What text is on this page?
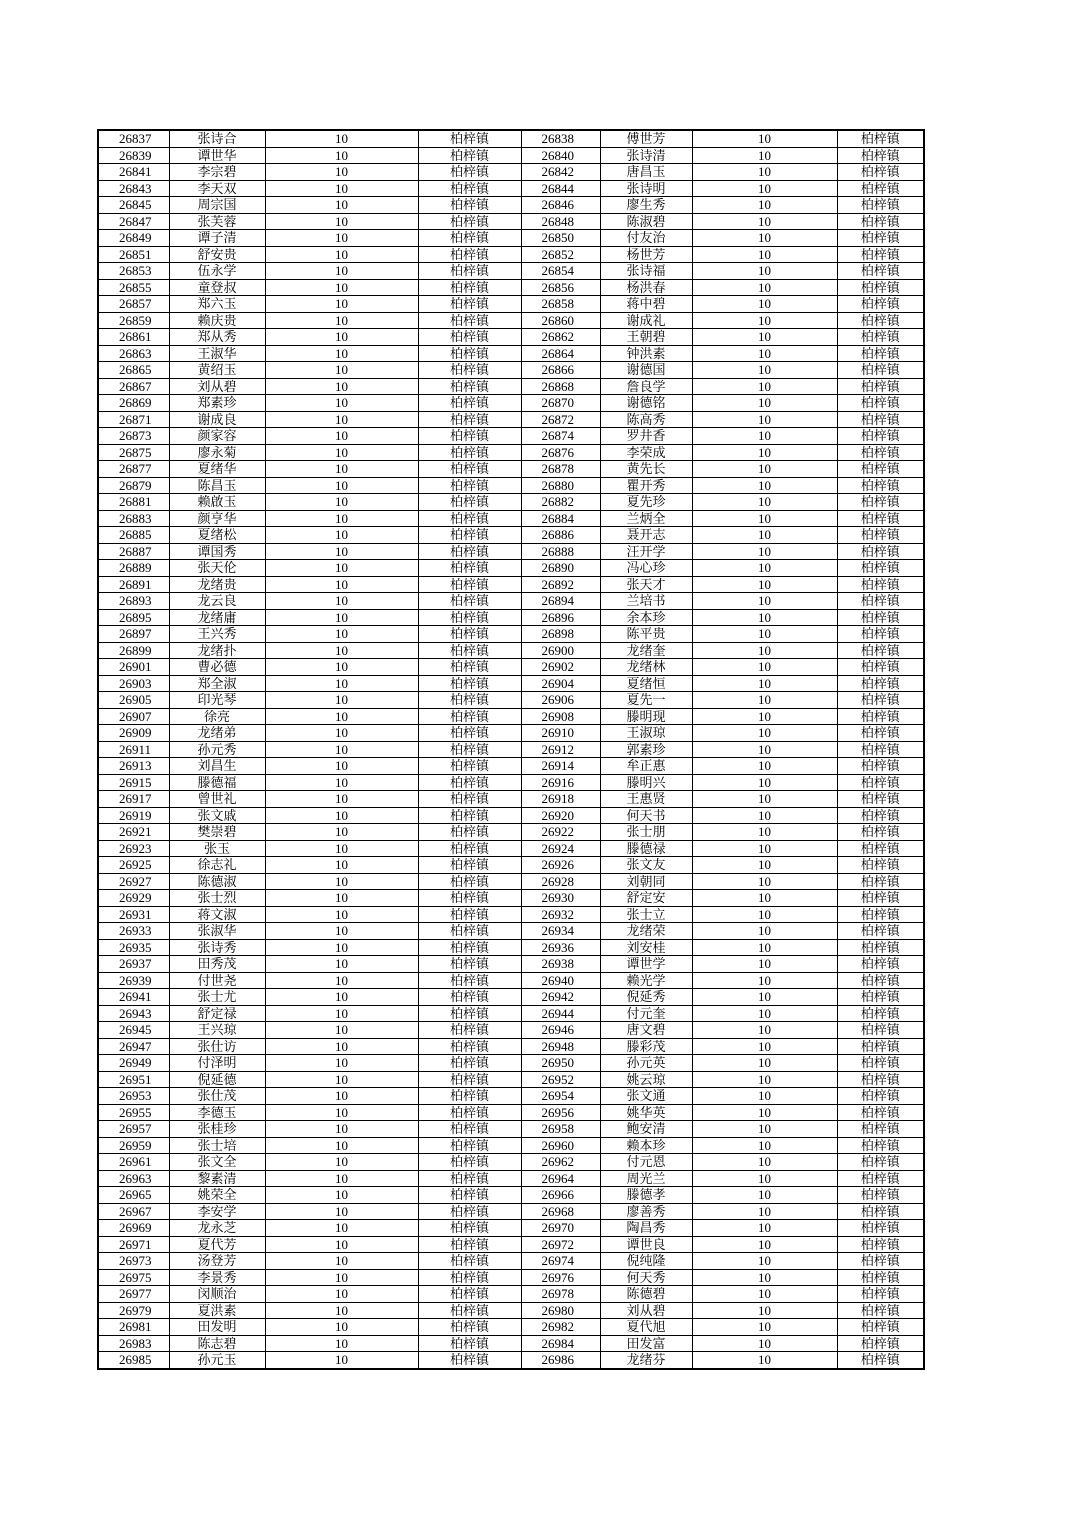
26837	张诗合	10	柏梓镇	26838	傅世芳	10	柏梓镇
26839	谭世华	10	柏梓镇	26840	张诗清	10	柏梓镇
26841	李宗碧	10	柏梓镇	26842	唐昌玉	10	柏梓镇
26843	李天双	10	柏梓镇	26844	张诗明	10	柏梓镇
26845	周宗国	10	柏梓镇	26846	廖生秀	10	柏梓镇
26847	张芙蓉	10	柏梓镇	26848	陈淑碧	10	柏梓镇
26849	谭子清	10	柏梓镇	26850	付友治	10	柏梓镇
26851	舒安贵	10	柏梓镇	26852	杨世芳	10	柏梓镇
26853	伍永学	10	柏梓镇	26854	张诗福	10	柏梓镇
26855	童登叔	10	柏梓镇	26856	杨洪春	10	柏梓镇
26857	郑六玉	10	柏梓镇	26858	蒋中碧	10	柏梓镇
26859	赖庆贵	10	柏梓镇	26860	谢成礼	10	柏梓镇
26861	郑从秀	10	柏梓镇	26862	王朝碧	10	柏梓镇
26863	王淑华	10	柏梓镇	26864	钟洪素	10	柏梓镇
26865	黄绍玉	10	柏梓镇	26866	谢德国	10	柏梓镇
26867	刘从碧	10	柏梓镇	26868	詹良学	10	柏梓镇
26869	郑素珍	10	柏梓镇	26870	谢德铭	10	柏梓镇
26871	谢成良	10	柏梓镇	26872	陈高秀	10	柏梓镇
26873	颜家容	10	柏梓镇	26874	罗井香	10	柏梓镇
26875	廖永菊	10	柏梓镇	26876	李荣成	10	柏梓镇
26877	夏绪华	10	柏梓镇	26878	黄先长	10	柏梓镇
26879	陈昌玉	10	柏梓镇	26880	瞿开秀	10	柏梓镇
26881	赖啟玉	10	柏梓镇	26882	夏先珍	10	柏梓镇
26883	颜亨华	10	柏梓镇	26884	兰炳全	10	柏梓镇
26885	夏绪松	10	柏梓镇	26886	聂开志	10	柏梓镇
26887	谭国秀	10	柏梓镇	26888	汪开学	10	柏梓镇
26889	张天伦	10	柏梓镇	26890	冯心珍	10	柏梓镇
26891	龙绪贵	10	柏梓镇	26892	张天才	10	柏梓镇
26893	龙云良	10	柏梓镇	26894	兰培书	10	柏梓镇
26895	龙绪庸	10	柏梓镇	26896	余本珍	10	柏梓镇
26897	王兴秀	10	柏梓镇	26898	陈平贵	10	柏梓镇
26899	龙绪扑	10	柏梓镇	26900	龙绪奎	10	柏梓镇
26901	曹必德	10	柏梓镇	26902	龙绪林	10	柏梓镇
26903	郑全淑	10	柏梓镇	26904	夏绪恒	10	柏梓镇
26905	印光琴	10	柏梓镇	26906	夏先一	10	柏梓镇
26907	徐亮	10	柏梓镇	26908	滕明现	10	柏梓镇
26909	龙绪弟	10	柏梓镇	26910	王淑琼	10	柏梓镇
26911	孙元秀	10	柏梓镇	26912	郭素珍	10	柏梓镇
26913	刘昌生	10	柏梓镇	26914	牟正惠	10	柏梓镇
26915	滕德福	10	柏梓镇	26916	滕明兴	10	柏梓镇
26917	曾世礼	10	柏梓镇	26918	王惠贤	10	柏梓镇
26919	张文戚	10	柏梓镇	26920	何天书	10	柏梓镇
26921	樊崇碧	10	柏梓镇	26922	张士朋	10	柏梓镇
26923	张玉	10	柏梓镇	26924	滕德禄	10	柏梓镇
26925	徐志礼	10	柏梓镇	26926	张文友	10	柏梓镇
26927	陈德淑	10	柏梓镇	26928	刘朝同	10	柏梓镇
26929	张士烈	10	柏梓镇	26930	舒定安	10	柏梓镇
26931	蒋文淑	10	柏梓镇	26932	张士立	10	柏梓镇
26933	张淑华	10	柏梓镇	26934	龙绪荣	10	柏梓镇
26935	张诗秀	10	柏梓镇	26936	刘安桂	10	柏梓镇
26937	田秀茂	10	柏梓镇	26938	谭世学	10	柏梓镇
26939	付世尧	10	柏梓镇	26940	赖光学	10	柏梓镇
26941	张士尤	10	柏梓镇	26942	倪延秀	10	柏梓镇
26943	舒定禄	10	柏梓镇	26944	付元奎	10	柏梓镇
26945	王兴琼	10	柏梓镇	26946	唐文碧	10	柏梓镇
26947	张仕访	10	柏梓镇	26948	滕彩茂	10	柏梓镇
26949	付泽明	10	柏梓镇	26950	孙元英	10	柏梓镇
26951	倪延德	10	柏梓镇	26952	姚云琼	10	柏梓镇
26953	张仕茂	10	柏梓镇	26954	张文通	10	柏梓镇
26955	李德玉	10	柏梓镇	26956	姚华英	10	柏梓镇
26957	张桂珍	10	柏梓镇	26958	鲍安清	10	柏梓镇
26959	张士培	10	柏梓镇	26960	赖本珍	10	柏梓镇
26961	张文全	10	柏梓镇	26962	付元恩	10	柏梓镇
26963	黎素清	10	柏梓镇	26964	周光兰	10	柏梓镇
26965	姚荣全	10	柏梓镇	26966	滕德孝	10	柏梓镇
26967	李安学	10	柏梓镇	26968	廖善秀	10	柏梓镇
26969	龙永芝	10	柏梓镇	26970	陶昌秀	10	柏梓镇
26971	夏代芳	10	柏梓镇	26972	谭世良	10	柏梓镇
26973	汤登芳	10	柏梓镇	26974	倪纯隆	10	柏梓镇
26975	李景秀	10	柏梓镇	26976	何天秀	10	柏梓镇
26977	闵顺治	10	柏梓镇	26978	陈德碧	10	柏梓镇
26979	夏洪素	10	柏梓镇	26980	刘从碧	10	柏梓镇
26981	田发明	10	柏梓镇	26982	夏代旭	10	柏梓镇
26983	陈志碧	10	柏梓镇	26984	田发富	10	柏梓镇
26985	孙元玉	10	柏梓镇	26986	龙绪芬	10	柏梓镇
